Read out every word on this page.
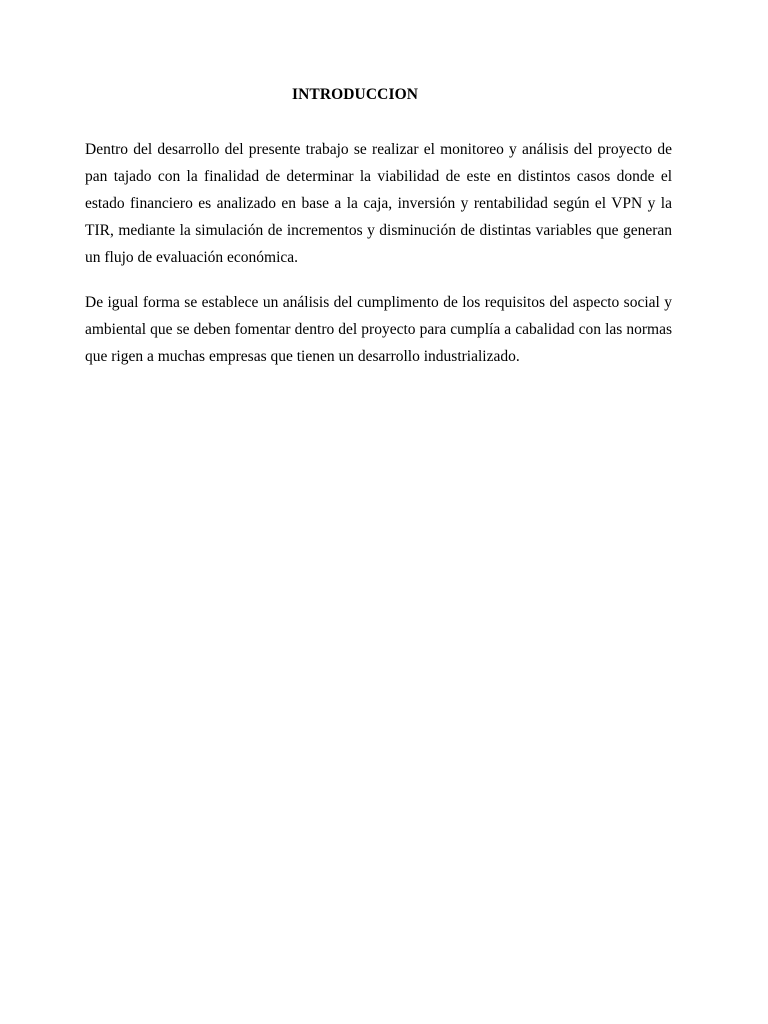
INTRODUCCION

Dentro del desarrollo del presente trabajo se realizar el monitoreo y análisis del proyecto de pan tajado con la finalidad de determinar la viabilidad de este en distintos casos donde el estado financiero es analizado en base a la caja, inversión y rentabilidad según el VPN y la TIR, mediante la simulación de incrementos y disminución de distintas variables que generan un flujo de evaluación económica.

De igual forma se establece un análisis del cumplimento de los requisitos del aspecto social y ambiental que se deben fomentar dentro del proyecto para cumplía a cabalidad con las normas que rigen a muchas empresas que tienen un desarrollo industrializado.
